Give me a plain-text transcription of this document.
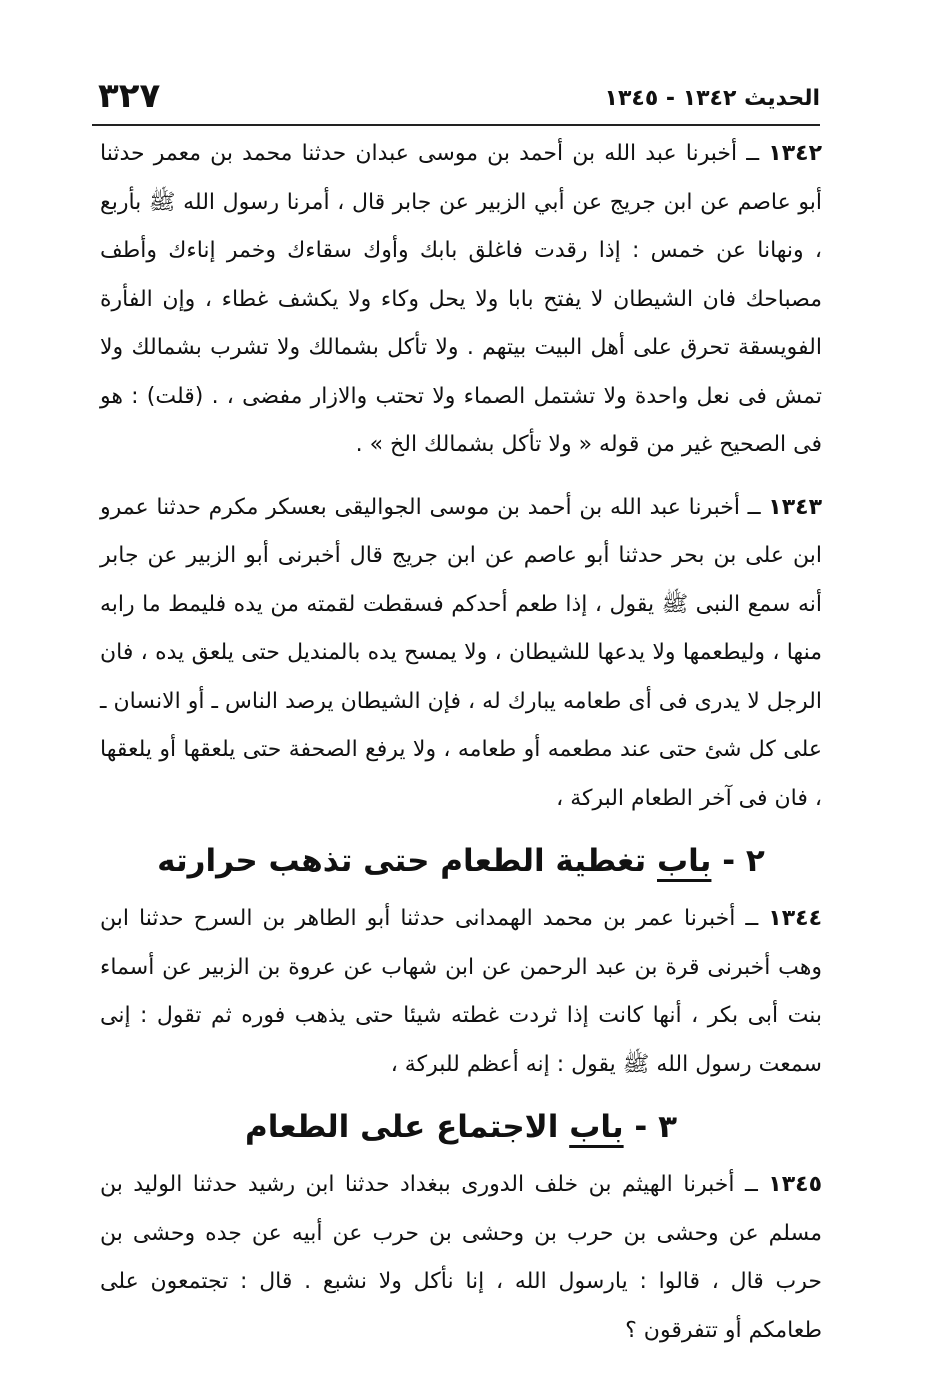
الحديث ١٣٤٢ - ١٣٤٥
٣٢٧

١٣٤٢ ــ أخبرنا عبد الله بن أحمد بن موسى عبدان حدثنا محمد بن معمر حدثنا أبو عاصم عن ابن جريج عن أبي الزبير عن جابر قال ، أمرنا رسول الله ﷺ بأربع ، ونهانا عن خمس : إذا رقدت فاغلق بابك وأوك سقاءك وخمر إناءك وأطف مصباحك فان الشيطان لا يفتح بابا ولا يحل وكاء ولا يكشف غطاء ، وإن الفأرة الفويسقة تحرق على أهل البيت بيتهم . ولا تأكل بشمالك ولا تشرب بشمالك ولا تمش فى نعل واحدة ولا تشتمل الصماء ولا تحتب والازار مفضى ، . (قلت) : هو فى الصحيح غير من قوله « ولا تأكل بشمالك الخ » .

١٣٤٣ ــ أخبرنا عبد الله بن أحمد بن موسى الجواليقى بعسكر مكرم حدثنا عمرو ابن على بن بحر حدثنا أبو عاصم عن ابن جريج قال أخبرنى أبو الزبير عن جابر أنه سمع النبى ﷺ يقول ، إذا طعم أحدكم فسقطت لقمته من يده فليمط ما رابه منها ، وليطعمها ولا يدعها للشيطان ، ولا يمسح يده بالمنديل حتى يلعق يده ، فان الرجل لا يدرى فى أى طعامه يبارك له ، فإن الشيطان يرصد الناس ـ أو الانسان ـ على كل شئ حتى عند مطعمه أو طعامه ، ولا يرفع الصحفة حتى يلعقها أو يلعقها ، فان فى آخر الطعام البركة ،

٢ - باب تغطية الطعام حتى تذهب حرارته

١٣٤٤ ــ أخبرنا عمر بن محمد الهمدانى حدثنا أبو الطاهر بن السرح حدثنا ابن وهب أخبرنى قرة بن عبد الرحمن عن ابن شهاب عن عروة بن الزبير عن أسماء بنت أبى بكر ، أنها كانت إذا ثردت غطته شيئا حتى يذهب فوره ثم تقول : إنى سمعت رسول الله ﷺ يقول : إنه أعظم للبركة ،

٣ - باب الاجتماع على الطعام

١٣٤٥ ــ أخبرنا الهيثم بن خلف الدورى ببغداد حدثنا ابن رشيد حدثنا الوليد بن مسلم عن وحشى بن حرب بن وحشى بن حرب عن أبيه عن جده وحشى بن حرب قال ، قالوا : يارسول الله ، إنا نأكل ولا نشبع . قال : تجتمعون على طعامكم أو تتفرقون ؟
